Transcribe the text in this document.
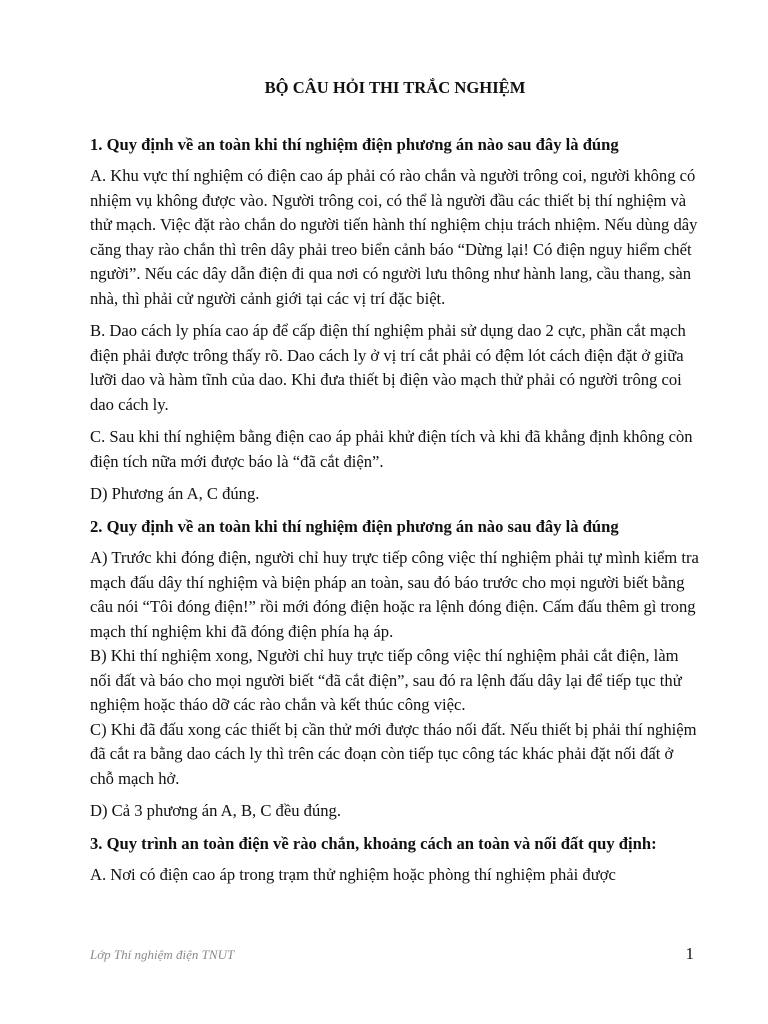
BỘ CÂU HỎI THI TRẮC NGHIỆM
1. Quy định về an toàn khi thí nghiệm điện phương án nào sau đây là đúng

A. Khu vực thí nghiệm có điện cao áp phải có rào chắn và người trông coi, người không có nhiệm vụ không được vào. Người trông coi, có thể là người đầu các thiết bị thí nghiệm và thử mạch. Việc đặt rào chắn do người tiến hành thí nghiệm chịu trách nhiệm. Nếu dùng dây căng thay rào chắn thì trên dây phải treo biển cảnh báo “Dừng lại! Có điện nguy hiểm chết người”. Nếu các dây dẫn điện đi qua nơi có người lưu thông như hành lang, cầu thang, sàn nhà, thì phải cử người cảnh giới tại các vị trí đặc biệt.

B. Dao cách ly phía cao áp để cấp điện thí nghiệm phải sử dụng dao 2 cực, phần cắt mạch điện phải được trông thấy rõ. Dao cách ly ở vị trí cắt phải có đệm lót cách điện đặt ở giữa lưỡi dao và hàm tĩnh của dao. Khi đưa thiết bị điện vào mạch thử phải có người trông coi dao cách ly.

C. Sau khi thí nghiệm bằng điện cao áp phải khử điện tích và khi đã khẳng định không còn điện tích nữa mới được báo là “đã cắt điện”.

D) Phương án A, C đúng.

2. Quy định về an toàn khi thí nghiệm điện phương án nào sau đây là đúng

A) Trước khi đóng điện, người chỉ huy trực tiếp công việc thí nghiệm phải tự mình kiểm tra mạch đấu dây thí nghiệm và biện pháp an toàn, sau đó báo trước cho mọi người biết bằng câu nói “Tôi đóng điện!” rồi mới đóng điện hoặc ra lệnh đóng điện. Cấm đấu thêm gì trong mạch thí nghiệm khi đã đóng điện phía hạ áp.

B) Khi thí nghiệm xong, Người chỉ huy trực tiếp công việc thí nghiệm phải cắt điện, làm nối đất và báo cho mọi người biết “đã cắt điện”, sau đó ra lệnh đấu dây lại để tiếp tục thử nghiệm hoặc tháo dỡ các rào chắn và kết thúc công việc.

C) Khi đã đấu xong các thiết bị cần thử mới được tháo nối đất. Nếu thiết bị phải thí nghiệm đã cắt ra bằng dao cách ly thì trên các đoạn còn tiếp tục công tác khác phải đặt nối đất ở chỗ mạch hở.

D) Cả 3 phương án A, B, C đều đúng.

3. Quy trình an toàn điện về rào chắn, khoảng cách an toàn và nối đất quy định:

A. Nơi có điện cao áp trong trạm thử nghiệm hoặc phòng thí nghiệm phải được

Lớp Thí nghiệm điện TNUT	1
